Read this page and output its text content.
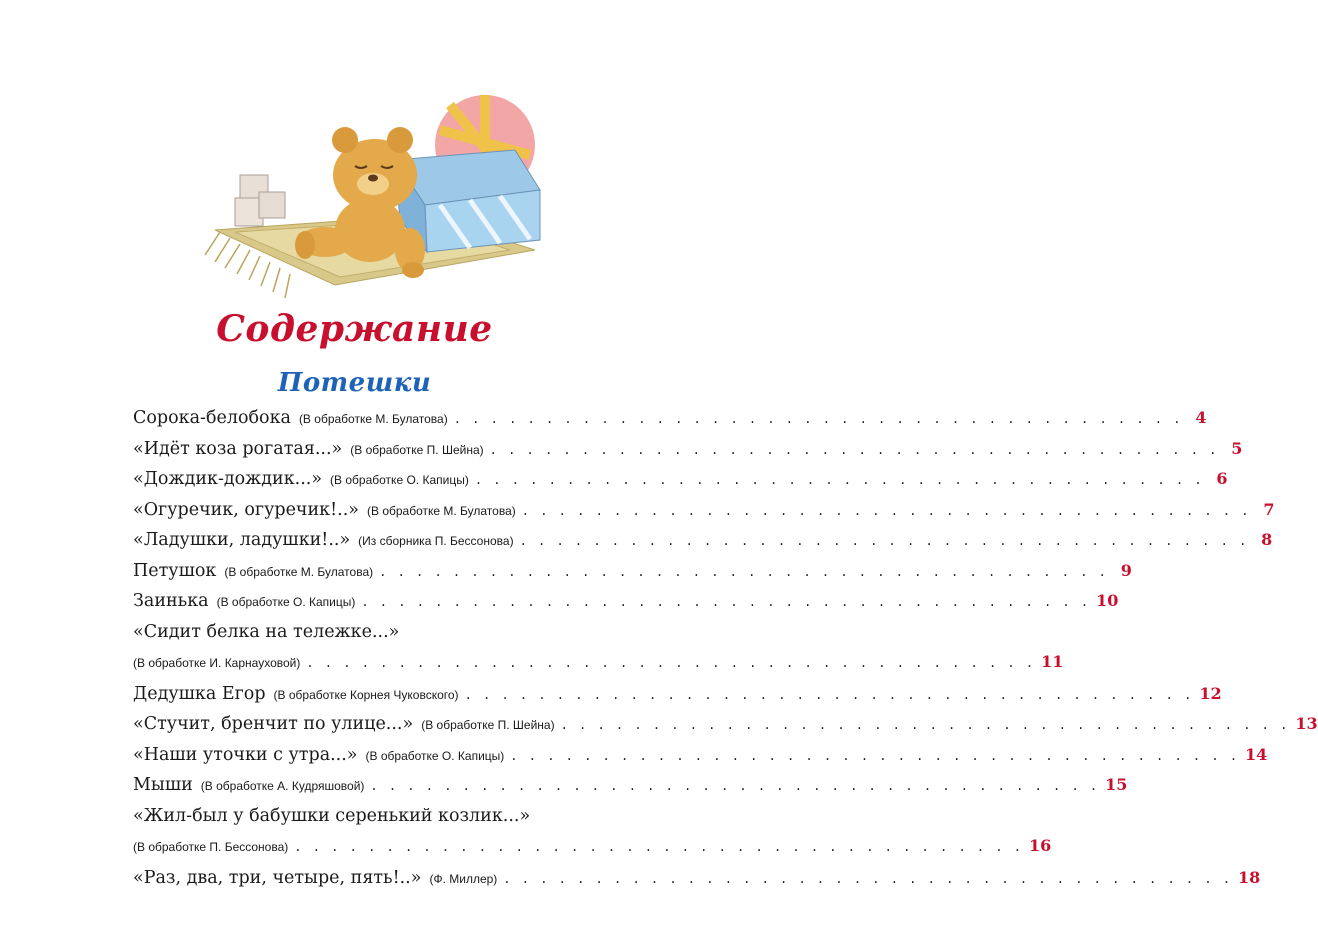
Содержание
Потешки
Сорока-белобока (В обработке М. Булатова) . . . . . . . . . . . . . . . . . . . . . . . . . . . . . . . . . . . . . . . . 4
«Идёт коза рогатая...» (В обработке П. Шейна) . . . . . . . . . . . . . . . . . . . . . . . . . . . . . . . . . . . . . . . . 5
«Дождик-дождик...» (В обработке О. Капицы) . . . . . . . . . . . . . . . . . . . . . . . . . . . . . . . . . . . . . . . . 6
«Огуречик, огуречик!..» (В обработке М. Булатова) . . . . . . . . . . . . . . . . . . . . . . . . . . . . . . . . . . . . . . . . 7
«Ладушки, ладушки!..» (Из сборника П. Бессонова) . . . . . . . . . . . . . . . . . . . . . . . . . . . . . . . . . . . . . . . . 8
Петушок (В обработке М. Булатова) . . . . . . . . . . . . . . . . . . . . . . . . . . . . . . . . . . . . . . . . 9
Заинька (В обработке О. Капицы) . . . . . . . . . . . . . . . . . . . . . . . . . . . . . . . . . . . . . . . . 10
«Сидит белка на тележке...»
(В обработке И. Карнауховой) . . . . . . . . . . . . . . . . . . . . . . . . . . . . . . . . . . . . . . . . 11
Дедушка Егор (В обработке Корнея Чуковского) . . . . . . . . . . . . . . . . . . . . . . . . . . . . . . . . . . . . . . . . 12
«Стучит, бренчит по улице...» (В обработке П. Шейна) . . . . . . . . . . . . . . . . . . . . . . . . . . . . . . . . . . . . . . . . 13
«Наши уточки с утра...» (В обработке О. Капицы) . . . . . . . . . . . . . . . . . . . . . . . . . . . . . . . . . . . . . . . . 14
Мыши (В обработке А. Кудряшовой) . . . . . . . . . . . . . . . . . . . . . . . . . . . . . . . . . . . . . . . . 15
«Жил-был у бабушки серенький козлик...»
(В обработке П. Бессонова) . . . . . . . . . . . . . . . . . . . . . . . . . . . . . . . . . . . . . . . . 16
«Раз, два, три, четыре, пять!..» (Ф. Миллер) . . . . . . . . . . . . . . . . . . . . . . . . . . . . . . . . . . . . . . . . 18
